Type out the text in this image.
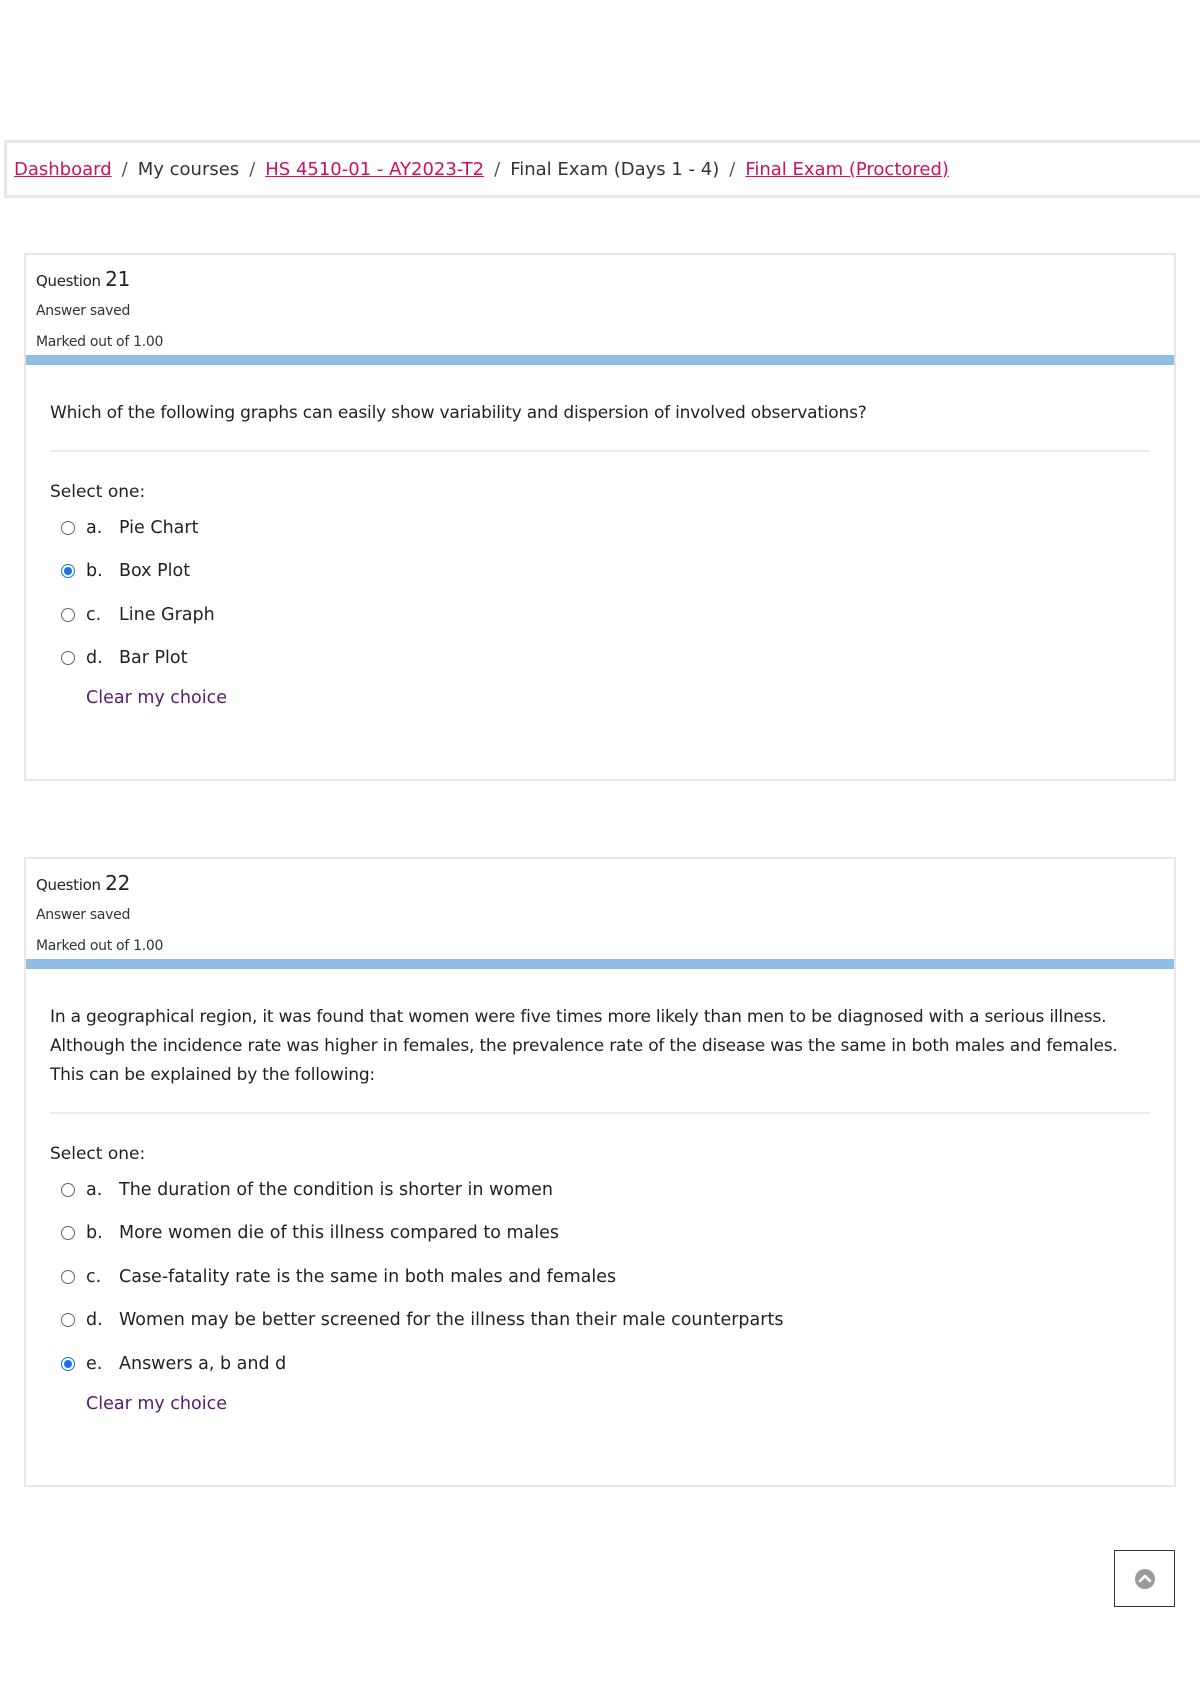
Dashboard / My courses / HS 4510-01 - AY2023-T2 / Final Exam (Days 1 - 4) / Final Exam (Proctored)
Question 21
Answer saved
Marked out of 1.00
Which of the following graphs can easily show variability and dispersion of involved observations?
Select one:
a. Pie Chart
b. Box Plot
c.	Line Graph
d. Bar Plot
Clear my choice
Question 22
Answer saved
Marked out of 1.00
In a geographical region, it was found that women were five times more likely than men to be diagnosed with a serious illness. Although the incidence rate was higher in females, the prevalence rate of the disease was the same in both males and females. This can be explained by the following:
Select one:
a. The duration of the condition is shorter in women
b. More women die of this illness compared to males
c.	Case-fatality rate is the same in both males and females
d. Women may be better screened for the illness than their male counterparts
e. Answers a, b and d
Clear my choice
